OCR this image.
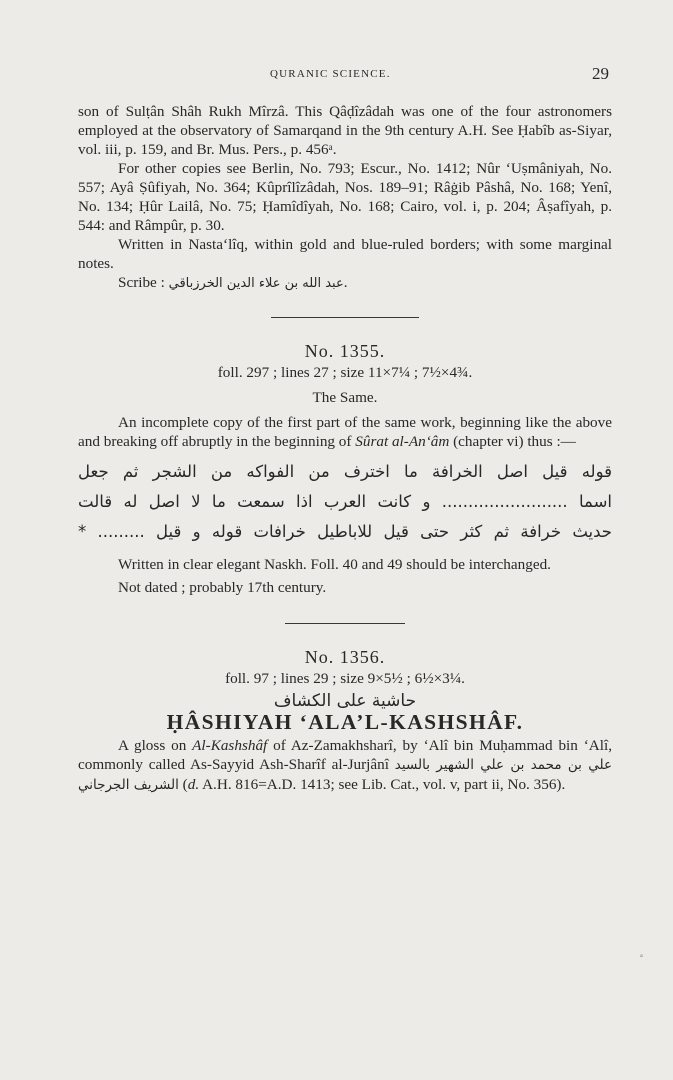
QURANIC SCIENCE.	29

son of Sulṭân Shâh Rukh Mîrzâ. This Qâḍîzâdah was one of the four astronomers employed at the observatory of Samarqand in the 9th century A.H. See Ḥabîb as-Siyar, vol. iii, p. 159, and Br. Mus. Pers., p. 456ᵃ.

For other copies see Berlin, No. 793; Escur., No. 1412; Nûr ‘Uṣmâniyah, No. 557; Ayâ Ṣûfiyah, No. 364; Kûprîlîzâdah, Nos. 189–91; Râġib Pâshâ, No. 168; Yenî, No. 134; Ḥûr Lailâ, No. 75; Ḥamîdîyah, No. 168; Cairo, vol. i, p. 204; Âṣafîyah, p. 544: and Râmpûr, p. 30.

Written in Nasta‘lîq, within gold and blue-ruled borders; with some marginal notes.

Scribe : عبد الله بن علاء الدين الخرزباقي.

No. 1355.

foll. 297 ; lines 27 ; size 11×7¼ ; 7½×4¾.

The Same.

An incomplete copy of the first part of the same work, beginning like the above and breaking off abruptly in the beginning of Sûrat al-An‘âm (chapter vi) thus :—

قوله قيل اصل الخرافة ما اخترف من الفواكه من الشجر ثم جعل
اسما ........................ و كانت العرب اذا سمعت ما لا اصل له قالت
حديث خرافة ثم كثر حتى قيل للاباطيل خرافات قوله و قيل ......... *

Written in clear elegant Naskh. Foll. 40 and 49 should be interchanged.

Not dated ; probably 17th century.

No. 1356.

foll. 97 ; lines 29 ; size 9×5½ ; 6½×3¼.

حاشية على الكشاف

ḤÂSHIYAH ‘ALA’L-KASHSHÂF.

A gloss on Al-Kashshâf of Az-Zamakhsharî, by ‘Alî bin Muḥammad bin ‘Alî, commonly called As-Sayyid Ash-Sharîf al-Jurjânî علي بن محمد بن علي الشهير بالسيد الشريف الجرجاني (d. A.H. 816=A.D. 1413; see Lib. Cat., vol. v, part ii, No. 356).

ª
